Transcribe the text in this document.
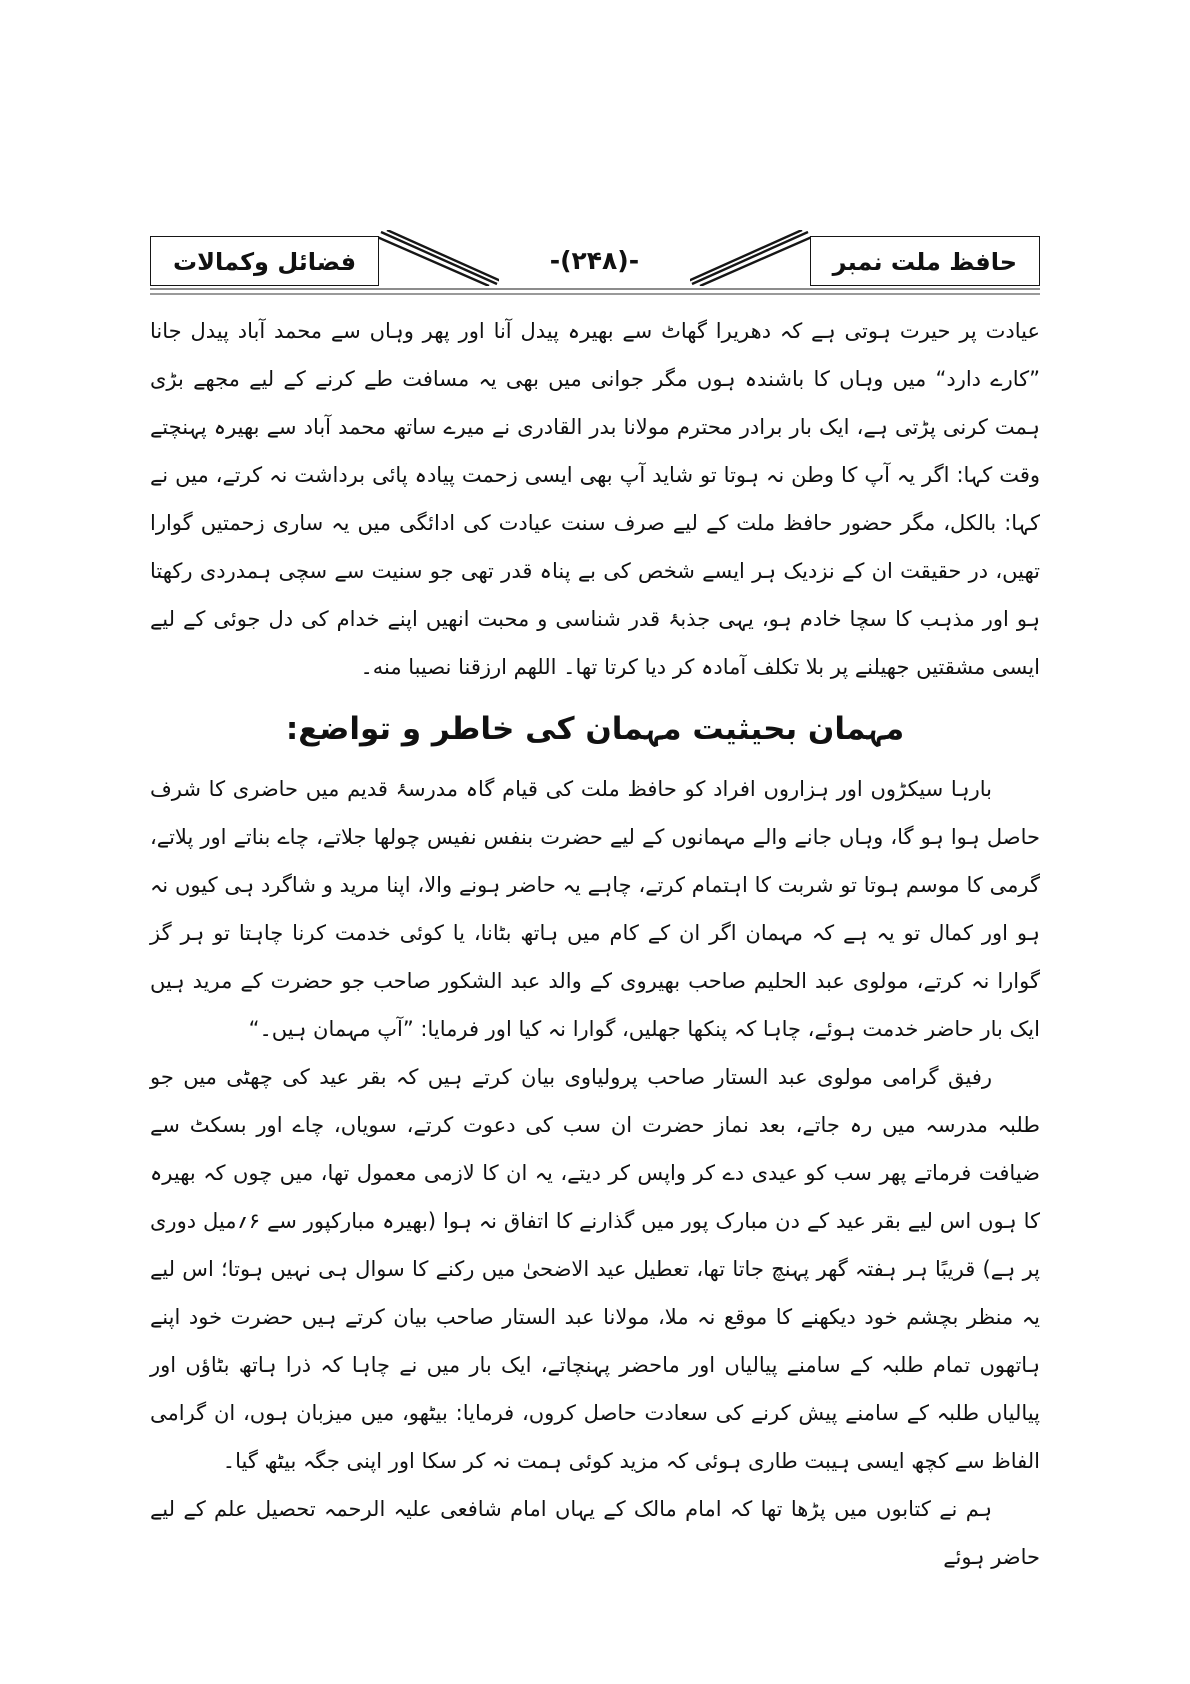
حافظ ملت نمبر
-(۲۴۸)-
فضائل وکمالات

عیادت پر حیرت ہوتی ہے کہ دھریرا گھاٹ سے بھیرہ پیدل آنا اور پھر وہاں سے محمد آباد پیدل جانا ”کارے دارد“ میں وہاں کا باشندہ ہوں مگر جوانی میں بھی یہ مسافت طے کرنے کے لیے مجھے بڑی ہمت کرنی پڑتی ہے، ایک بار برادر محترم مولانا بدر القادری نے میرے ساتھ محمد آباد سے بھیرہ پہنچتے وقت کہا: اگر یہ آپ کا وطن نہ ہوتا تو شاید آپ بھی ایسی زحمت پیادہ پائی برداشت نہ کرتے، میں نے کہا: بالکل، مگر حضور حافظ ملت کے لیے صرف سنت عیادت کی ادائگی میں یہ ساری زحمتیں گوارا تھیں، در حقیقت ان کے نزدیک ہر ایسے شخص کی بے پناہ قدر تھی جو سنیت سے سچی ہمدردی رکھتا ہو اور مذہب کا سچا خادم ہو، یہی جذبۂ قدر شناسی و محبت انھیں اپنے خدام کی دل جوئی کے لیے ایسی مشقتیں جھیلنے پر بلا تکلف آمادہ کر دیا کرتا تھا۔ اللهم ارزقنا نصیبا منه۔

مہمان بحیثیت مہمان کی خاطر و تواضع:

بارہا سیکڑوں اور ہزاروں افراد کو حافظ ملت کی قیام گاہ مدرسۂ قدیم میں حاضری کا شرف حاصل ہوا ہو گا، وہاں جانے والے مہمانوں کے لیے حضرت بنفس نفیس چولھا جلاتے، چاے بناتے اور پلاتے، گرمی کا موسم ہوتا تو شربت کا اہتمام کرتے، چاہے یہ حاضر ہونے والا، اپنا مرید و شاگرد ہی کیوں نہ ہو اور کمال تو یہ ہے کہ مہمان اگر ان کے کام میں ہاتھ بٹانا، یا کوئی خدمت کرنا چاہتا تو ہر گز گوارا نہ کرتے، مولوی عبد الحلیم صاحب بھیروی کے والد عبد الشکور صاحب جو حضرت کے مرید ہیں ایک بار حاضر خدمت ہوئے، چاہا کہ پنکھا جھلیں، گوارا نہ کیا اور فرمایا: ”آپ مہمان ہیں۔“

رفیق گرامی مولوی عبد الستار صاحب پرولیاوی بیان کرتے ہیں کہ بقر عید کی چھٹی میں جو طلبہ مدرسہ میں رہ جاتے، بعد نماز حضرت ان سب کی دعوت کرتے، سویاں، چاے اور بسکٹ سے ضیافت فرماتے پھر سب کو عیدی دے کر واپس کر دیتے، یہ ان کا لازمی معمول تھا، میں چوں کہ بھیرہ کا ہوں اس لیے بقر عید کے دن مبارک پور میں گذارنے کا اتفاق نہ ہوا (بھیرہ مبارکپور سے ۶؍میل دوری پر ہے) قریبًا ہر ہفتہ گھر پہنچ جاتا تھا، تعطیل عید الاضحیٰ میں رکنے کا سوال ہی نہیں ہوتا؛ اس لیے یہ منظر بچشم خود دیکھنے کا موقع نہ ملا، مولانا عبد الستار صاحب بیان کرتے ہیں حضرت خود اپنے ہاتھوں تمام طلبہ کے سامنے پیالیاں اور ماحضر پہنچاتے، ایک بار میں نے چاہا کہ ذرا ہاتھ بٹاؤں اور پیالیاں طلبہ کے سامنے پیش کرنے کی سعادت حاصل کروں، فرمایا: بیٹھو، میں میزبان ہوں، ان گرامی الفاظ سے کچھ ایسی ہیبت طاری ہوئی کہ مزید کوئی ہمت نہ کر سکا اور اپنی جگہ بیٹھ گیا۔

ہم نے کتابوں میں پڑھا تھا کہ امام مالک کے یہاں امام شافعی علیہ الرحمہ تحصیل علم کے لیے حاضر ہوئے
